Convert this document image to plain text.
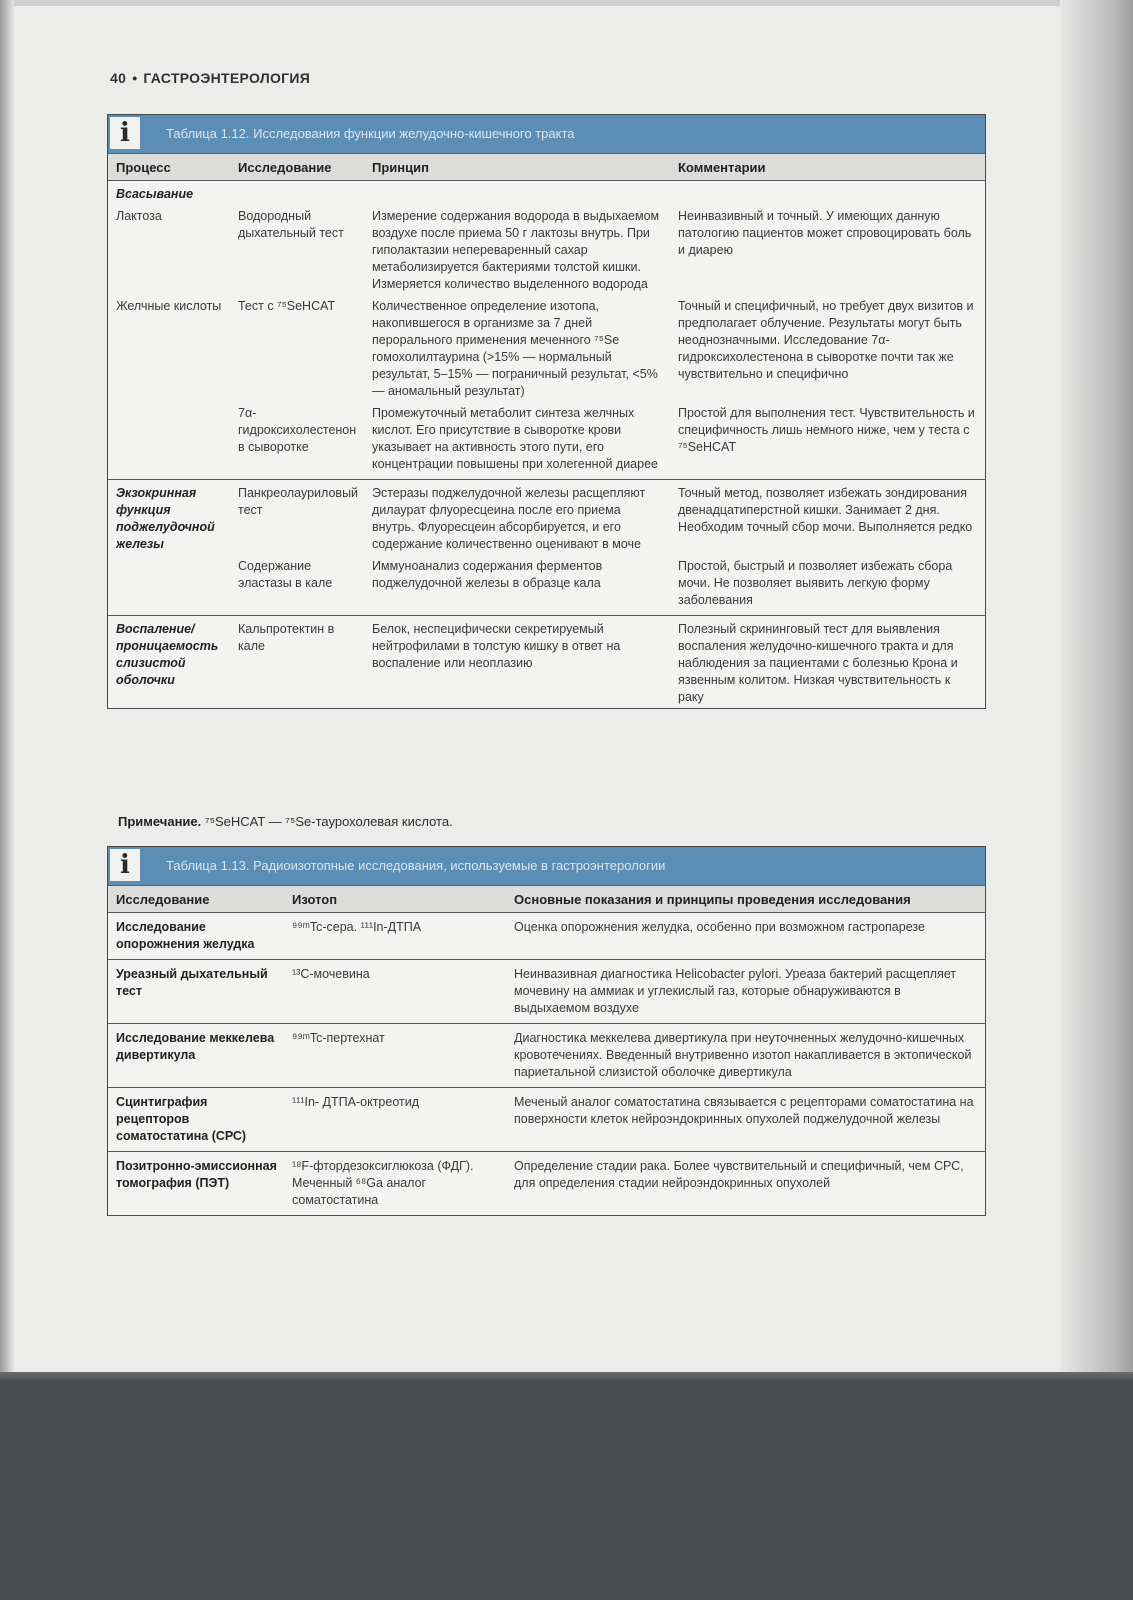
40 • ГАСТРОЭНТЕРОЛОГИЯ
i	Таблица 1.12. Исследования функции желудочно-кишечного тракта
Процесс	Исследование	Принцип	Комментарии
Всасывание			
Лактоза	Водородный дыхательный тест	Измерение содержания водорода в выдыхаемом воздухе после приема 50 г лактозы внутрь. При гиполактазии непереваренный сахар метаболизируется бактериями толстой кишки. Измеряется количество выделенного водорода	Неинвазивный и точный. У имеющих данную патологию пациентов может спровоцировать боль и диарею
Желчные кислоты	Тест с ⁷⁵SeHCAT	Количественное определение изотопа, накопившегося в организме за 7 дней перорального применения меченного ⁷⁵Se гомохолилтаурина (>15% — нормальный результат, 5–15% — пограничный результат, <5% — аномальный результат)	Точный и специфичный, но требует двух визитов и предполагает облучение. Результаты могут быть неоднозначными. Исследование 7α-гидроксихолестенона в сыворотке почти так же чувствительно и специфично
	7α-гидроксихолестенон в сыворотке	Промежуточный метаболит синтеза желчных кислот. Его присутствие в сыворотке крови указывает на активность этого пути, его концентрации повышены при холегенной диарее	Простой для выполнения тест. Чувствительность и специфичность лишь немного ниже, чем у теста с ⁷⁵SeHCAT
Экзокринная функция поджелудочной железы	Панкреолауриловый тест	Эстеразы поджелудочной железы расщепляют дилаурат флуоресцеина после его приема внутрь. Флуоресцеин абсорбируется, и его содержание количественно оценивают в моче	Точный метод, позволяет избежать зондирования двенадцатиперстной кишки. Занимает 2 дня. Необходим точный сбор мочи. Выполняется редко
	Содержание эластазы в кале	Иммуноанализ содержания ферментов поджелудочной железы в образце кала	Простой, быстрый и позволяет избежать сбора мочи. Не позволяет выявить легкую форму заболевания
Воспаление/ проницаемость слизистой оболочки	Кальпротектин в кале	Белок, неспецифически секретируемый нейтрофилами в толстую кишку в ответ на воспаление или неоплазию	Полезный скрининговый тест для выявления воспаления желудочно-кишечного тракта и для наблюдения за пациентами с болезнью Крона и язвенным колитом. Низкая чувствительность к раку
Примечание. ⁷⁵SeHCAT — ⁷⁵Se-таурохолевая кислота.
i	Таблица 1.13. Радиоизотопные исследования, используемые в гастроэнтерологии
Исследование	Изотоп	Основные показания и принципы проведения исследования
Исследование опорожнения желудка	⁹⁹ᵐTc-сера. ¹¹¹In-ДТПА	Оценка опорожнения желудка, особенно при возможном гастропарезе
Уреазный дыхательный тест	¹³C-мочевина	Неинвазивная диагностика Helicobacter pylori. Уреаза бактерий расщепляет мочевину на аммиак и углекислый газ, которые обнаруживаются в выдыхаемом воздухе
Исследование меккелева дивертикула	⁹⁹ᵐTc-пертехнат	Диагностика меккелева дивертикула при неуточненных желудочно-кишечных кровотечениях. Введенный внутривенно изотоп накапливается в эктопической париетальной слизистой оболочке дивертикула
Сцинтиграфия рецепторов соматостатина (СРС)	¹¹¹In- ДТПА-октреотид	Меченый аналог соматостатина связывается с рецепторами соматостатина на поверхности клеток нейроэндокринных опухолей поджелудочной железы
Позитронно-эмиссионная томография (ПЭТ)	¹⁸F-фтордезоксиглюкоза (ФДГ). Меченный ⁶⁸Ga аналог соматостатина	Определение стадии рака. Более чувствительный и специфичный, чем СРС, для определения стадии нейроэндокринных опухолей
